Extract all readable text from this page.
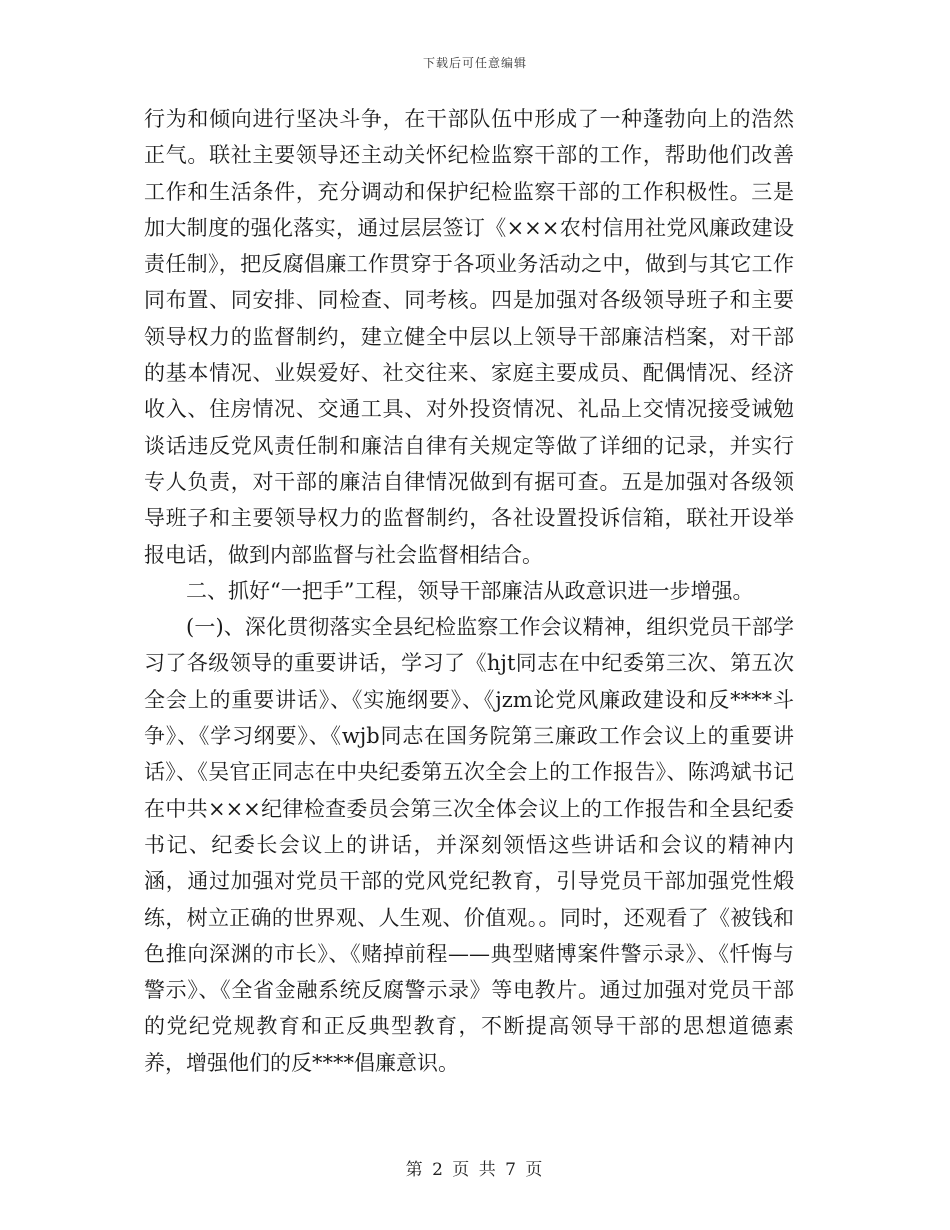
下载后可任意编辑

行为和倾向进行坚决斗争，在干部队伍中形成了一种蓬勃向上的浩然正气。联社主要领导还主动关怀纪检监察干部的工作，帮助他们改善工作和生活条件，充分调动和保护纪检监察干部的工作积极性。三是加大制度的强化落实，通过层层签订《×××农村信用社党风廉政建设责任制》，把反腐倡廉工作贯穿于各项业务活动之中，做到与其它工作同布置、同安排、同检查、同考核。四是加强对各级领导班子和主要领导权力的监督制约，建立健全中层以上领导干部廉洁档案，对干部的基本情况、业娱爱好、社交往来、家庭主要成员、配偶情况、经济收入、住房情况、交通工具、对外投资情况、礼品上交情况接受诫勉谈话违反党风责任制和廉洁自律有关规定等做了详细的记录，并实行专人负责，对干部的廉洁自律情况做到有据可查。五是加强对各级领导班子和主要领导权力的监督制约，各社设置投诉信箱，联社开设举报电话，做到内部监督与社会监督相结合。

二、抓好“一把手”工程，领导干部廉洁从政意识进一步增强。

(一)、深化贯彻落实全县纪检监察工作会议精神，组织党员干部学习了各级领导的重要讲话，学习了《hjt同志在中纪委第三次、第五次全会上的重要讲话》、《实施纲要》、《jzm论党风廉政建设和反****斗争》、《学习纲要》、《wjb同志在国务院第三廉政工作会议上的重要讲话》、《吴官正同志在中央纪委第五次全会上的工作报告》、陈鸿斌书记在中共×××纪律检查委员会第三次全体会议上的工作报告和全县纪委书记、纪委长会议上的讲话，并深刻领悟这些讲话和会议的精神内涵，通过加强对党员干部的党风党纪教育，引导党员干部加强党性煅练，树立正确的世界观、人生观、价值观。。同时，还观看了《被钱和色推向深渊的市长》、《赌掉前程——典型赌博案件警示录》、《忏悔与警示》、《全省金融系统反腐警示录》等电教片。通过加强对党员干部的党纪党规教育和正反典型教育，不断提高领导干部的思想道德素养，增强他们的反****倡廉意识。

第 2 页 共 7 页
